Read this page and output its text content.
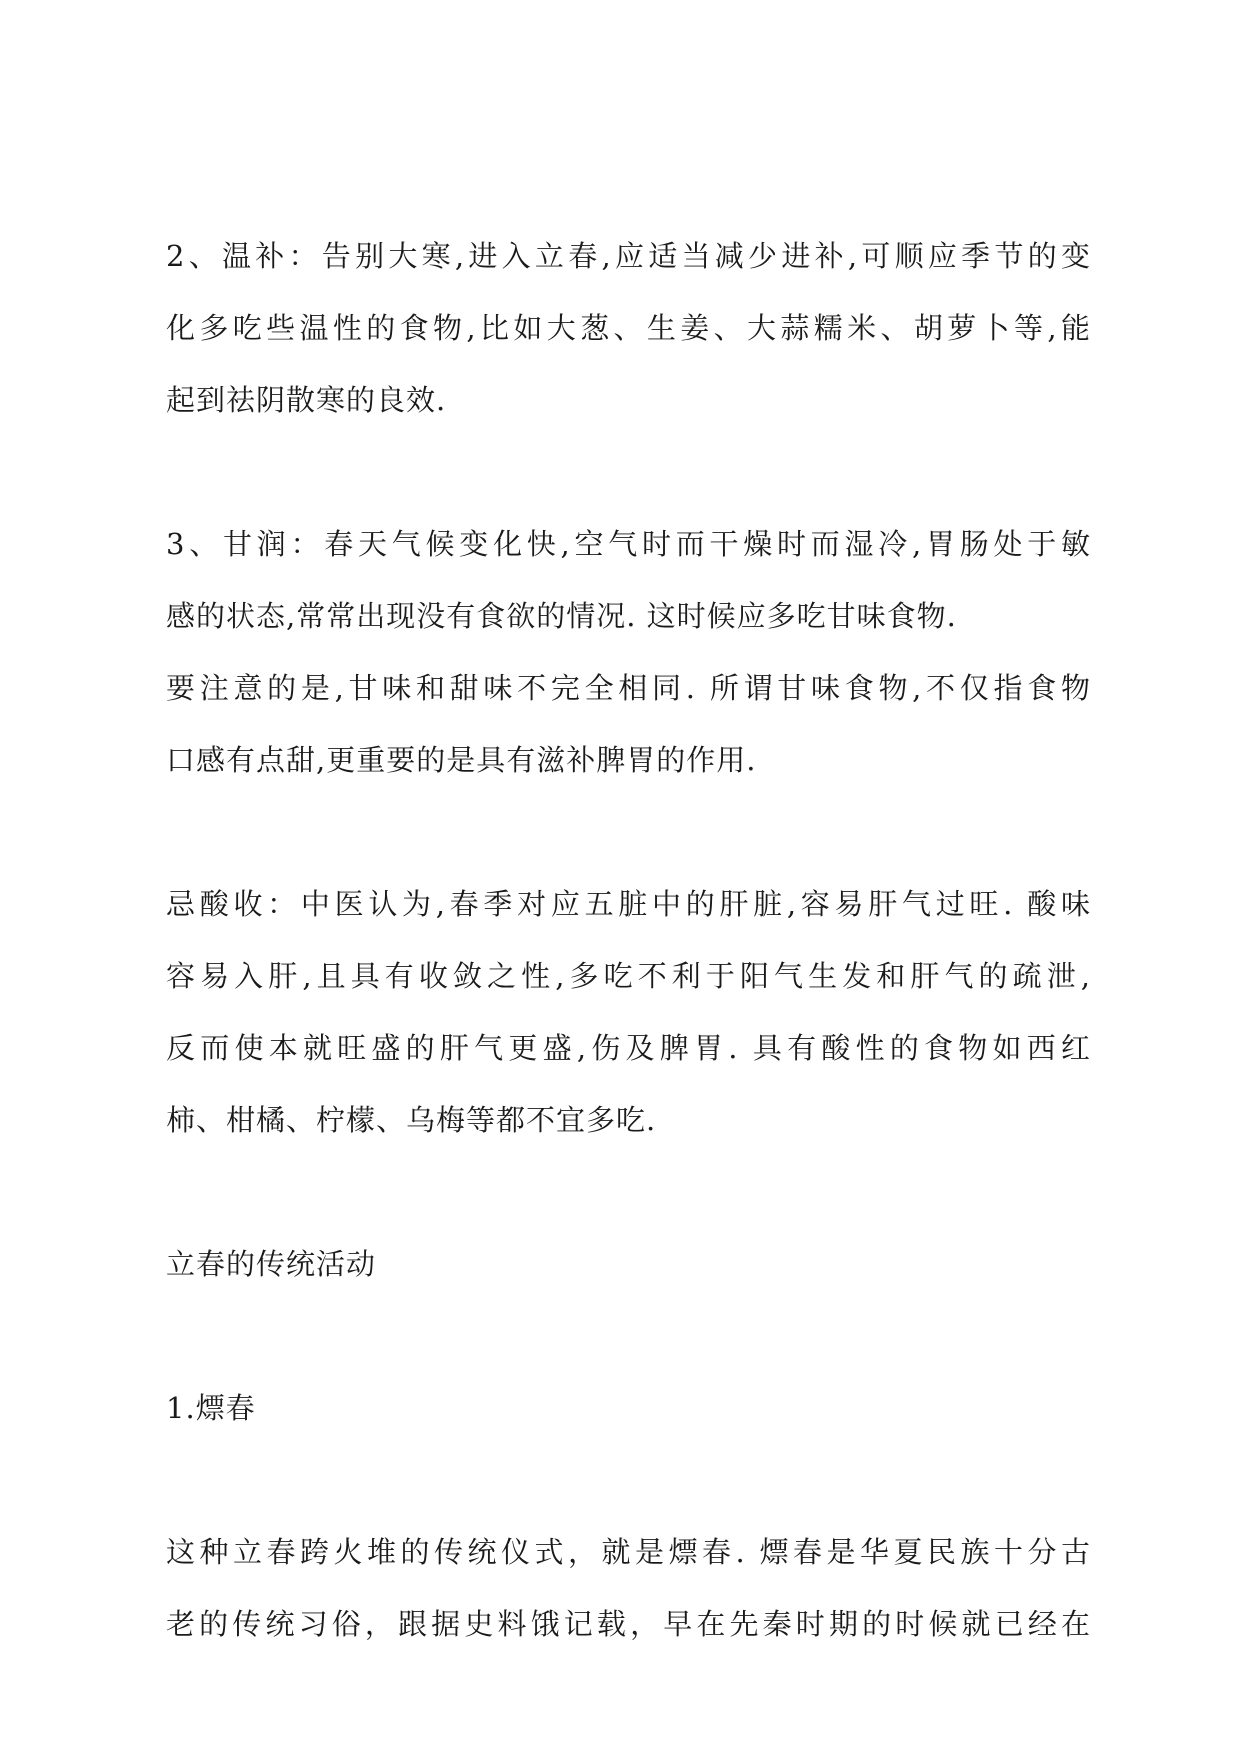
2、温补：告别大寒,进入立春,应适当减少进补,可顺应季节的变
化多吃些温性的食物,比如大葱、生姜、大蒜糯米、胡萝卜等,能
起到祛阴散寒的良效.

3、甘润：春天气候变化快,空气时而干燥时而湿冷,胃肠处于敏
感的状态,常常出现没有食欲的情况. 这时候应多吃甘味食物.
要注意的是,甘味和甜味不完全相同. 所谓甘味食物,不仅指食物
口感有点甜,更重要的是具有滋补脾胃的作用.

忌酸收：中医认为,春季对应五脏中的肝脏,容易肝气过旺. 酸味
容易入肝,且具有收敛之性,多吃不利于阳气生发和肝气的疏泄,
反而使本就旺盛的肝气更盛,伤及脾胃. 具有酸性的食物如西红
柿、柑橘、柠檬、乌梅等都不宜多吃.

立春的传统活动

1.熛春

这种立春跨火堆的传统仪式，就是熛春. 熛春是华夏民族十分古
老的传统习俗，跟据史料饿记载，早在先秦时期的时候就已经在
